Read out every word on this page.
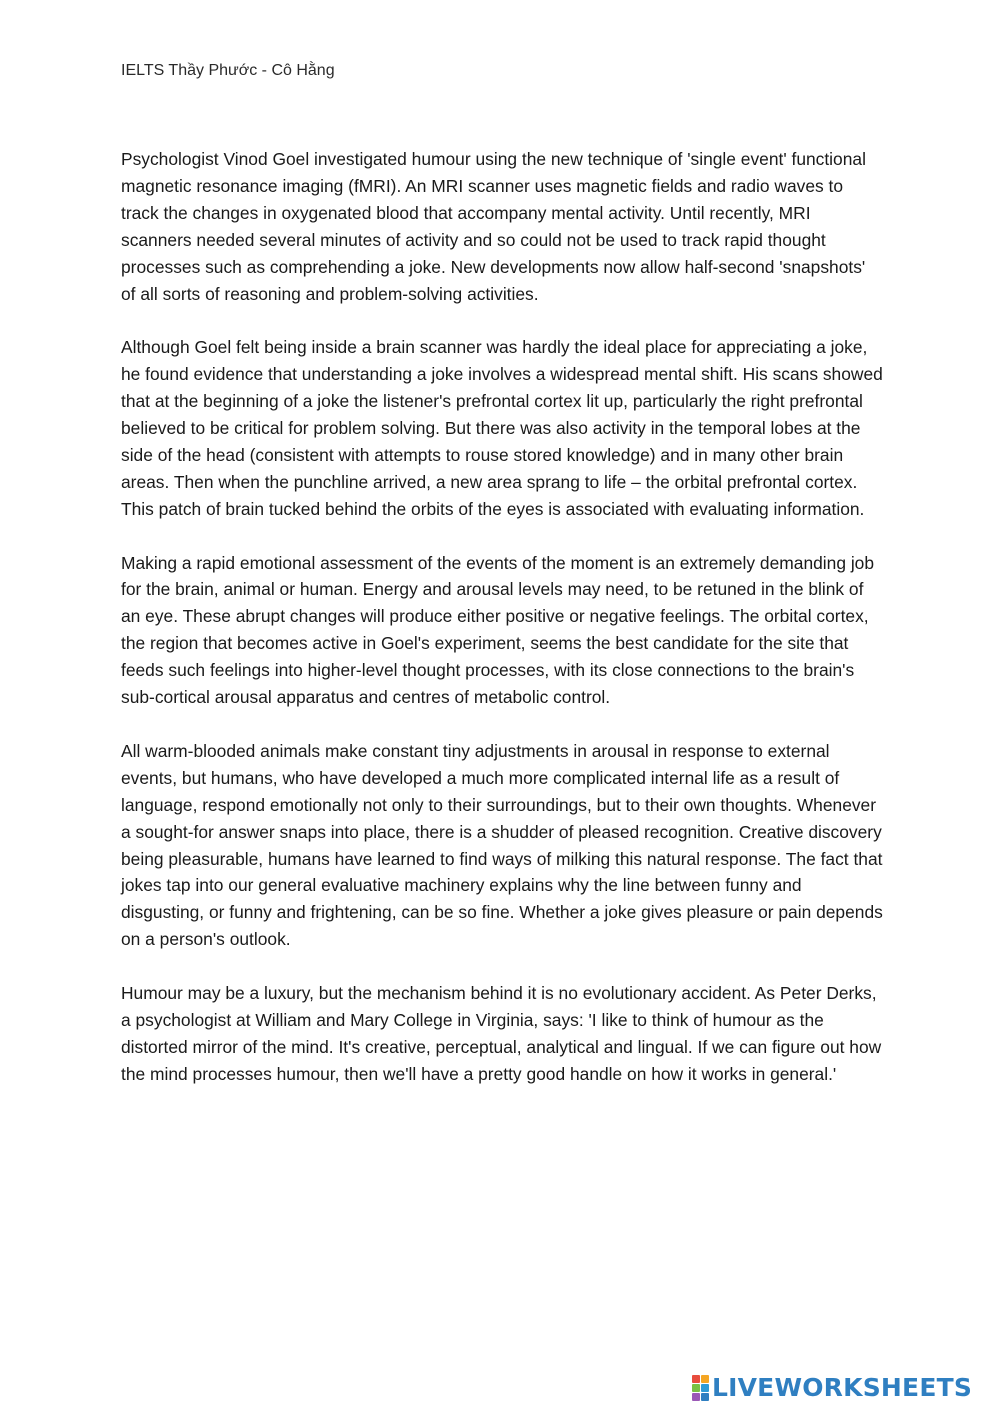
IELTS Thầy Phước - Cô Hằng

Psychologist Vinod Goel investigated humour using the new technique of 'single event' functional magnetic resonance imaging (fMRI). An MRI scanner uses magnetic fields and radio waves to track the changes in oxygenated blood that accompany mental activity. Until recently, MRI scanners needed several minutes of activity and so could not be used to track rapid thought processes such as comprehending a joke. New developments now allow half-second 'snapshots' of all sorts of reasoning and problem-solving activities.

Although Goel felt being inside a brain scanner was hardly the ideal place for appreciating a joke, he found evidence that understanding a joke involves a widespread mental shift. His scans showed that at the beginning of a joke the listener's prefrontal cortex lit up, particularly the right prefrontal believed to be critical for problem solving. But there was also activity in the temporal lobes at the side of the head (consistent with attempts to rouse stored knowledge) and in many other brain areas. Then when the punchline arrived, a new area sprang to life – the orbital prefrontal cortex. This patch of brain tucked behind the orbits of the eyes is associated with evaluating information.

Making a rapid emotional assessment of the events of the moment is an extremely demanding job for the brain, animal or human. Energy and arousal levels may need, to be retuned in the blink of an eye. These abrupt changes will produce either positive or negative feelings. The orbital cortex, the region that becomes active in Goel's experiment, seems the best candidate for the site that feeds such feelings into higher-level thought processes, with its close connections to the brain's sub-cortical arousal apparatus and centres of metabolic control.

All warm-blooded animals make constant tiny adjustments in arousal in response to external events, but humans, who have developed a much more complicated internal life as a result of language, respond emotionally not only to their surroundings, but to their own thoughts. Whenever a sought-for answer snaps into place, there is a shudder of pleased recognition. Creative discovery being pleasurable, humans have learned to find ways of milking this natural response. The fact that jokes tap into our general evaluative machinery explains why the line between funny and disgusting, or funny and frightening, can be so fine. Whether a joke gives pleasure or pain depends on a person's outlook.

Humour may be a luxury, but the mechanism behind it is no evolutionary accident. As Peter Derks, a psychologist at William and Mary College in Virginia, says: 'I like to think of humour as the distorted mirror of the mind. It's creative, perceptual, analytical and lingual. If we can figure out how the mind processes humour, then we'll have a pretty good handle on how it works in general.'

LIVEWORKSHEETS
